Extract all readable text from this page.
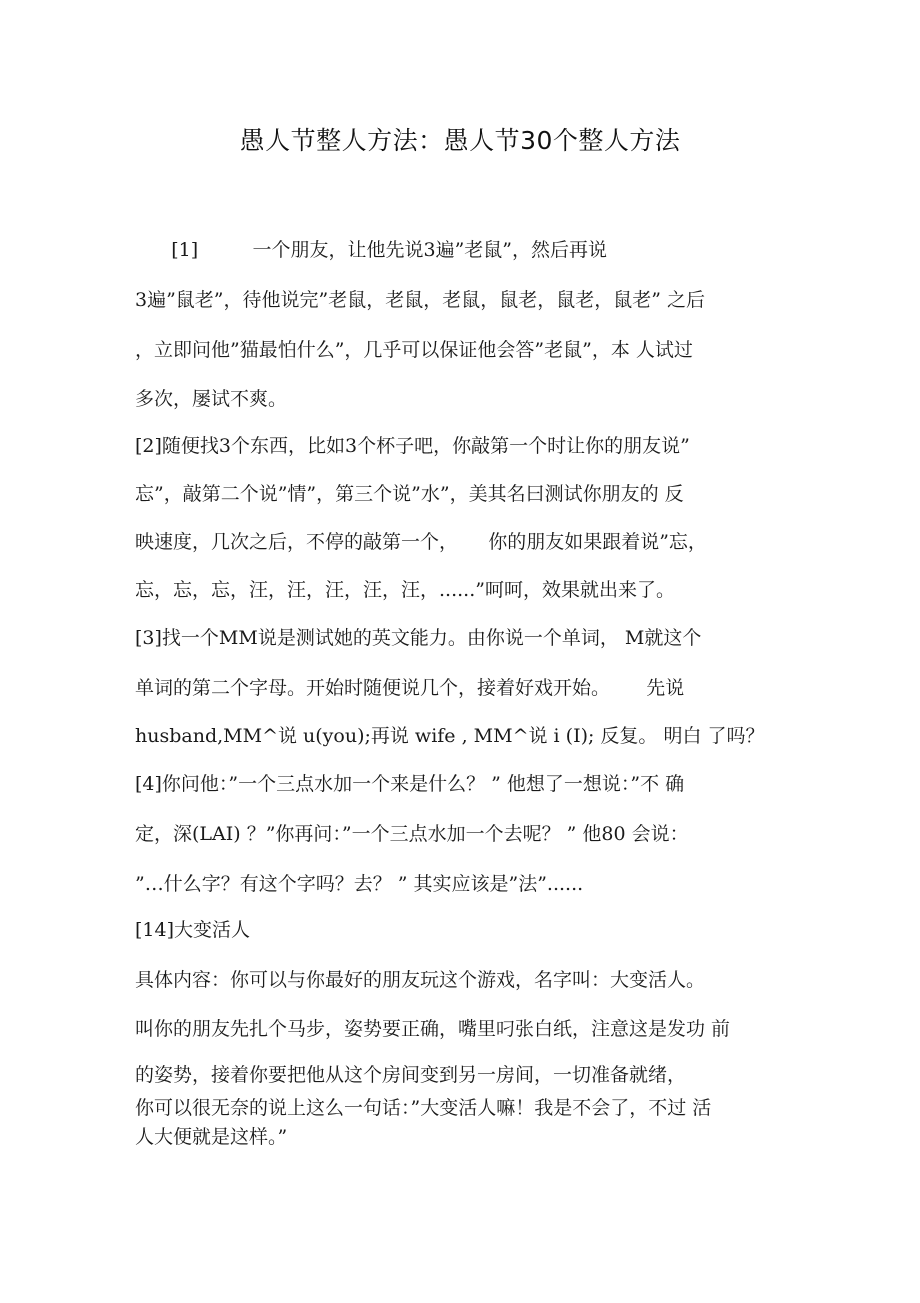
愚人节整人方法：愚人节30个整人方法
[1]         一个朋友，让他先说3遍”老鼠”，然后再说
3遍”鼠老”，待他说完”老鼠，老鼠，老鼠，鼠老，鼠老，鼠老” 之后
，立即问他”猫最怕什么”，几乎可以保证他会答”老鼠”，本 人试过
多次，屡试不爽。
[2]随便找3个东西，比如3个杯子吧，你敲第一个时让你的朋友说”
忘”，敲第二个说”情”，第三个说”水”，美其名曰测试你朋友的 反
映速度，几次之后，不停的敲第一个，     你的朋友如果跟着说”忘，
忘，忘，忘，汪，汪，汪，汪，汪，......”呵呵，效果就出来了。
[3]找一个MM说是测试她的英文能力。由你说一个单词， M就这个
单词的第二个字母。开始时随便说几个，接着好戏开始。      先说
husband,MM^说 u(you);再说 wife , MM^说 i (I); 反复。 明白 了吗？
[4]你问他：”一个三点水加一个来是什么？ ” 他想了一想说：”不 确
定，深(LAI) ？”你再问：”一个三点水加一个去呢？ ” 他80 会说：
”…什么字？有这个字吗？去？ ” 其实应该是”法”......
[14]大变活人
具体内容：你可以与你最好的朋友玩这个游戏，名字叫：大变活人。
叫你的朋友先扎个马步，姿势要正确，嘴里叼张白纸，注意这是发功 前
的姿势，接着你要把他从这个房间变到另一房间，一切准备就绪，
你可以很无奈的说上这么一句话：”大变活人嘛！我是不会了，不过 活
人大便就是这样。”
